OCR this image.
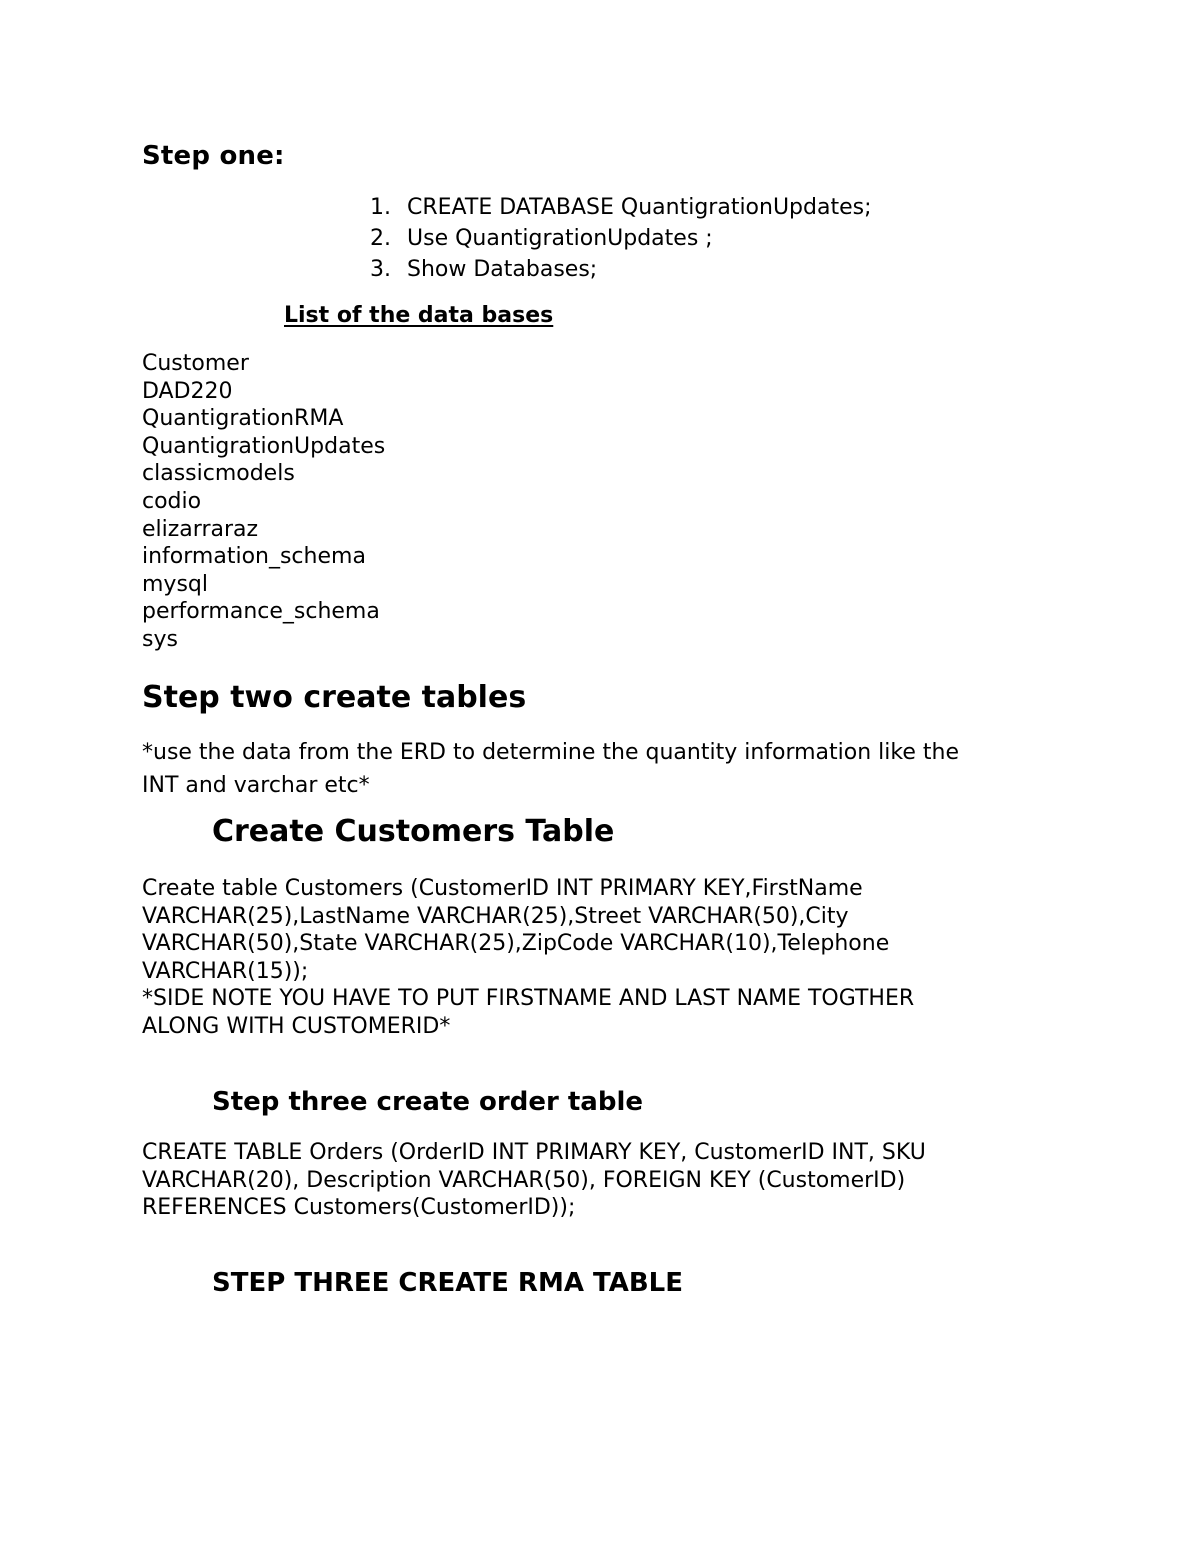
Step one:
1. CREATE DATABASE QuantigrationUpdates;
2. Use QuantigrationUpdates ;
3. Show Databases;
List of the data bases
Customer
DAD220
QuantigrationRMA
QuantigrationUpdates
classicmodels
codio
elizarraraz
information_schema
mysql
performance_schema
sys
Step two create tables
*use the data from the ERD to determine the quantity information like the
INT and varchar etc*
Create Customers Table
Create table Customers (CustomerID INT PRIMARY KEY,FirstName
VARCHAR(25),LastName VARCHAR(25),Street VARCHAR(50),City
VARCHAR(50),State VARCHAR(25),ZipCode VARCHAR(10),Telephone
VARCHAR(15));
*SIDE NOTE YOU HAVE TO PUT FIRSTNAME AND LAST NAME TOGTHER
ALONG WITH CUSTOMERID*
Step three create order table
CREATE TABLE Orders (OrderID INT PRIMARY KEY, CustomerID INT, SKU
VARCHAR(20), Description VARCHAR(50), FOREIGN KEY (CustomerID)
REFERENCES Customers(CustomerID));
STEP THREE CREATE RMA TABLE
